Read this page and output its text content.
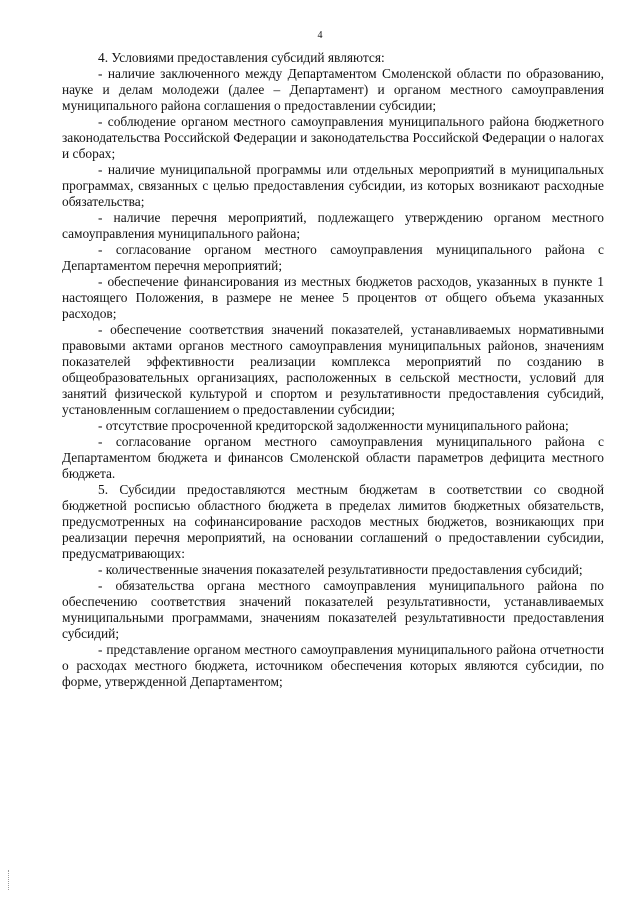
4

4. Условиями предоставления субсидий являются:

- наличие заключенного между Департаментом Смоленской области по образованию, науке и делам молодежи (далее – Департамент) и органом местного самоуправления муниципального района соглашения о предоставлении субсидии;

- соблюдение органом местного самоуправления муниципального района бюджетного законодательства Российской Федерации и законодательства Российской Федерации о налогах и сборах;

- наличие муниципальной программы или отдельных мероприятий в муниципальных программах, связанных с целью предоставления субсидии, из которых возникают расходные обязательства;

- наличие перечня мероприятий, подлежащего утверждению органом местного самоуправления муниципального района;

- согласование органом местного самоуправления муниципального района с Департаментом перечня мероприятий;

- обеспечение финансирования из местных бюджетов расходов, указанных в пункте 1 настоящего Положения, в размере не менее 5 процентов от общего объема указанных расходов;

- обеспечение соответствия значений показателей, устанавливаемых нормативными правовыми актами органов местного самоуправления муниципальных районов, значениям показателей эффективности реализации комплекса мероприятий по созданию в общеобразовательных организациях, расположенных в сельской местности, условий для занятий физической культурой и спортом и результативности предоставления субсидий, установленным соглашением о предоставлении субсидии;

- отсутствие просроченной кредиторской задолженности муниципального района;

- согласование органом местного самоуправления муниципального района с Департаментом бюджета и финансов Смоленской области параметров дефицита местного бюджета.

5. Субсидии предоставляются местным бюджетам в соответствии со сводной бюджетной росписью областного бюджета в пределах лимитов бюджетных обязательств, предусмотренных на софинансирование расходов местных бюджетов, возникающих при реализации перечня мероприятий, на основании соглашений о предоставлении субсидии, предусматривающих:

- количественные значения показателей результативности предоставления субсидий;

- обязательства органа местного самоуправления муниципального района по обеспечению соответствия значений показателей результативности, устанавливаемых муниципальными программами, значениям показателей результативности предоставления субсидий;

- представление органом местного самоуправления муниципального района отчетности о расходах местного бюджета, источником обеспечения которых являются субсидии, по форме, утвержденной Департаментом;
